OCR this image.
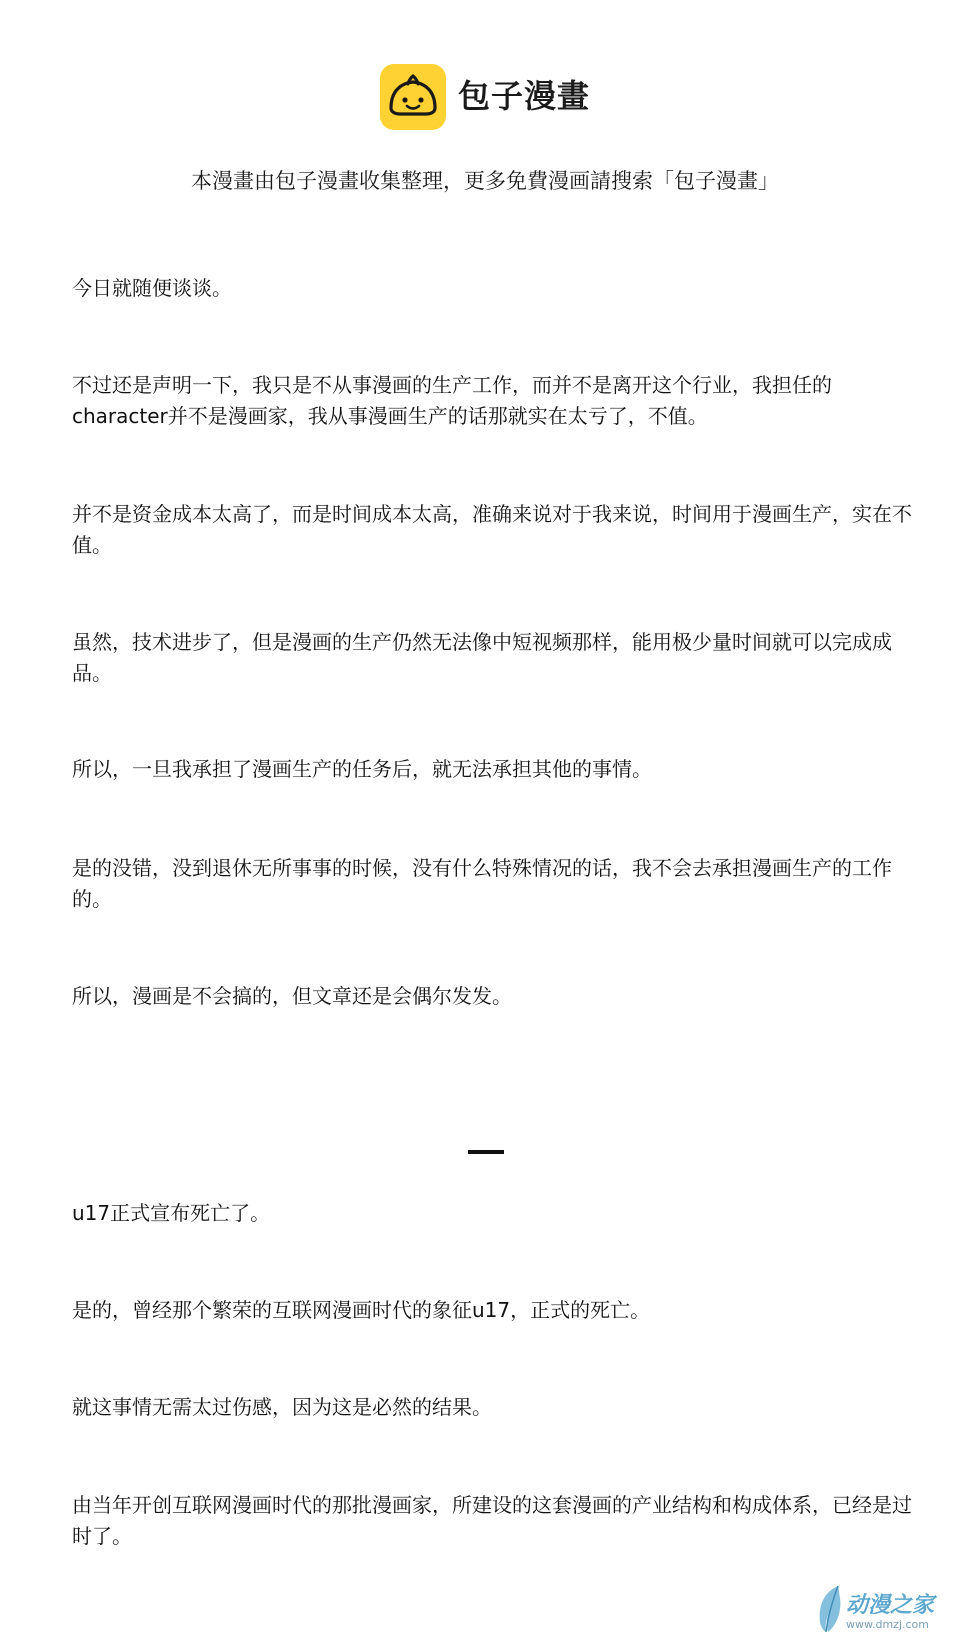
包子漫畫
本漫畫由包子漫畫收集整理，更多免費漫画請搜索「包子漫畫」

今日就随便谈谈。

不过还是声明一下，我只是不从事漫画的生产工作，而并不是离开这个行业，我担任的character并不是漫画家，我从事漫画生产的话那就实在太亏了，不值。

并不是资金成本太高了，而是时间成本太高，准确来说对于我来说，时间用于漫画生产，实在不值。

虽然，技术进步了，但是漫画的生产仍然无法像中短视频那样，能用极少量时间就可以完成成品。

所以，一旦我承担了漫画生产的任务后，就无法承担其他的事情。

是的没错，没到退休无所事事的时候，没有什么特殊情况的话，我不会去承担漫画生产的工作的。

所以，漫画是不会搞的，但文章还是会偶尔发发。

u17正式宣布死亡了。

是的，曾经那个繁荣的互联网漫画时代的象征u17，正式的死亡。

就这事情无需太过伤感，因为这是必然的结果。

由当年开创互联网漫画时代的那批漫画家，所建设的这套漫画的产业结构和构成体系，已经是过时了。

动漫之家
www.dmzj.com
